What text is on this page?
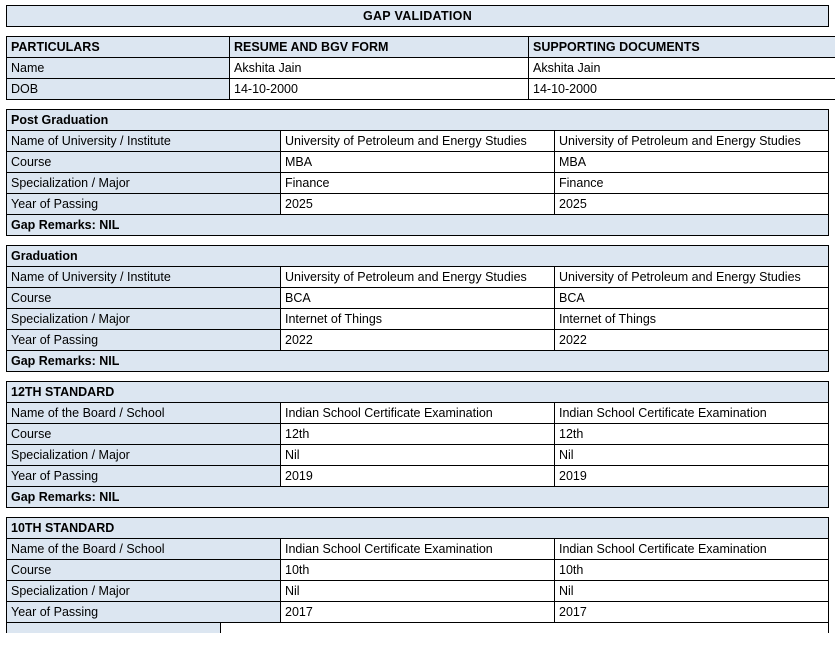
GAP VALIDATION

PARTICULARS	RESUME AND BGV FORM	SUPPORTING DOCUMENTS
Name	Akshita Jain	Akshita Jain
DOB	14-10-2000	14-10-2000

Post Graduation		
Name of University / Institute	University of Petroleum and Energy Studies	University of Petroleum and Energy Studies
Course	MBA	MBA
Specialization / Major	Finance	Finance
Year of Passing	2025	2025
Gap Remarks: NIL		

Graduation		
Name of University / Institute	University of Petroleum and Energy Studies	University of Petroleum and Energy Studies
Course	BCA	BCA
Specialization / Major	Internet of Things	Internet of Things
Year of Passing	2022	2022
Gap Remarks: NIL		

12TH STANDARD		
Name of the Board / School	Indian School Certificate Examination	Indian School Certificate Examination
Course	12th	12th
Specialization / Major	Nil	Nil
Year of Passing	2019	2019
Gap Remarks: NIL		

10TH STANDARD		
Name of the Board / School	Indian School Certificate Examination	Indian School Certificate Examination
Course	10th	10th
Specialization / Major	Nil	Nil
Year of Passing	2017	2017
